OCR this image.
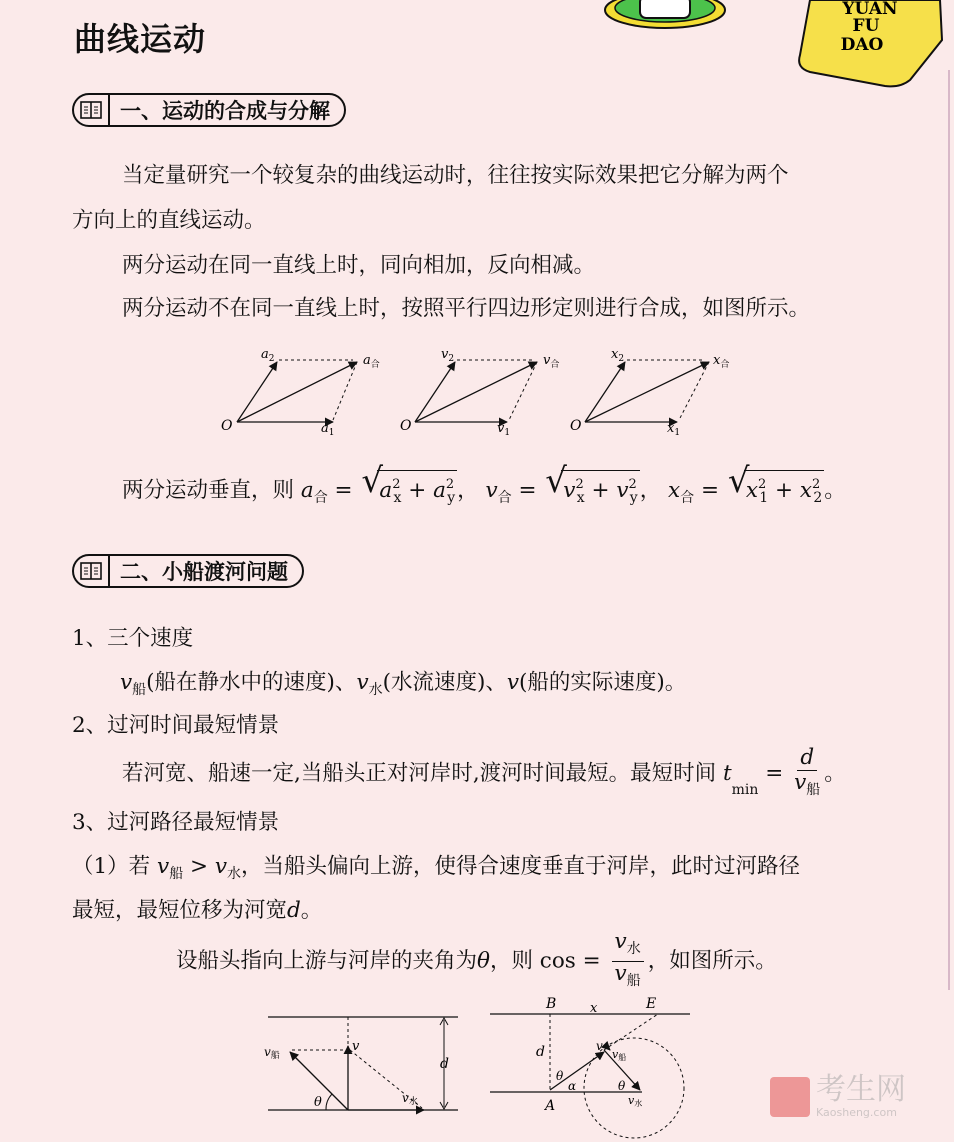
YUAN
FU
DAO
曲线运动
一、运动的合成与分解
当定量研究一个较复杂的曲线运动时，往往按实际效果把它分解为两个
方向上的直线运动。
两分运动在同一直线上时，同向相加，反向相减。
两分运动不在同一直线上时，按照平行四边形定则进行合成，如图所示。
O	$a_1$
$a_2$	$a_合$
O	$v_1$
$v_2$	$v_合$
O	$x_1$
$x_2$	$x_合$
两分运动垂直，则 $a_合$ = √
$a^2_x + a^2_y$， $v_合$ = √
$v^2_x + v^2_y$， $x_合$ = √
$x^2_1 + x^2_2$。
二、小船渡河问题
1、三个速度
$v_船$(船在静水中的速度)、$v_水$(水流速度)、v(船的实际速度)。
2、过河时间最短情景
若河宽、船速一定,当船头正对河岸时,渡河时间最短。最短时间 $t_{min} = \frac{d}{v_船}$ 。
3、过河路径最短情景
（1）若 $v_船 > v_水$，当船头偏向上游，使得合速度垂直于河岸，此时过河路径
最短，最短位移为河宽d。
设船头指向上游与河岸的夹角为θ，则 $\cos = \frac{v_水}{v_船}$ ，如图所示。
v船
v
v水
d
θ
B	x	E
d	v
v船
θ
α	θ
A	v水	考生网
Kaosheng.com
